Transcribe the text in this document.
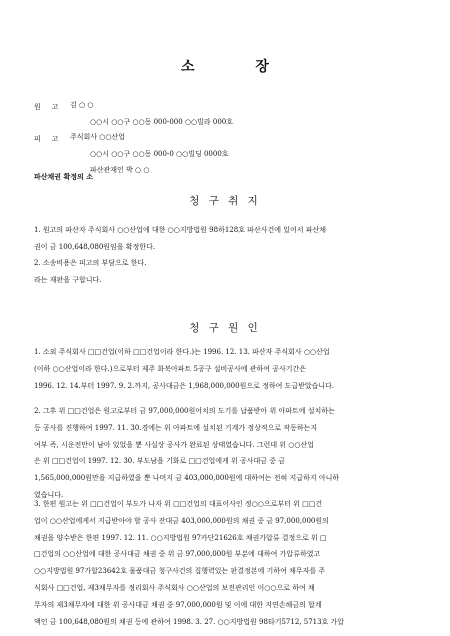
소 장
원고 김 ○ ○
○○시 ○○구 ○○동 000-000 ○○빌라 000호
피고 주식회사 ○○산업
○○시 ○○구 ○○동 000-0 ○○빌딩 0000호
파산관재인 박 ○ ○
파산채권 확정의 소
청 구 취 지

1. 원고의 파산자 주식회사 ○○산업에 대한 ○○지방법원 98하128호 파산사건에 있어서 파산채

권이 금 100,648,080원임을 확정한다.

2. 소송비용은 피고의 부담으로 한다.

라는 재판을 구합니다.

청 구 원 인

1. 소외 주식회사 □□건업(이하 □□건업이라 한다.)는 1996. 12. 13. 파산자 주식회사 ○○산업

(이하 ○○산업이라 한다.)으로부터 제주 화북아파트 5공구 설비공사에 관하여 공사기간은

1996. 12. 14.부터 1997. 9. 2.까지, 공사대금은 1,968,000,000원으로 정하여 도급받았습니다.

2. 그후 위 □□건업은 원고로부터 금 97,000,000원어치의 도기를 납품받아 위 아파트에 설치하는

등 공사를 진행하여 1997. 11. 30.경에는 위 아파트에 설치된 기계가 정상적으로 작동하는지

여부 즉, 시운전만이 남아 있었을 뿐 사실상 공사가 완료된 상태였습니다. 그런데 위 ○○산업

은 위 □□건업이 1997. 12. 30. 부도남을 기화로 □□건업에게 위 공사대금 중 금

1,565,000,000원만을 지급하였을 뿐 나머지 금 403,000,000원에 대하여는 전혀 지급하지 아니하

였습니다.

3. 한편 원고는 위 □□건업이 부도가 나자 위 □□건업의 대표이사인 정○○으로부터 위 □□건

업이 ○○산업에게서 지급받아야 할 공사 잔대금 403,000,000원의 채권 중 금 97,000,000원의

채권을 양수받은 한편 1997. 12. 11. ○○지방법원 97카단21626호 채권가압류 결정으로 위 □

□건업의 ○○산업에 대한 공사대금 채권 중 위 금 97,000,000원 부분에 대하여 가압류하였고

○○지방법원 97가합23642호 물품대금 청구사건의 집행력있는 판결정본에 기하여 채무자를 주

식회사 □□건업, 제3채무자를 정리회사 주식회사 ○○산업의 보전관리인 이○○으로 하여 채

무자의 제3채무자에 대한 위 공사대금 채권 중 97,000,000원 및 이에 대한 지연손해금의 합계

액인 금 100,648,080원의 채권 등에 관하여 1998. 3. 27. ○○지방법원 98타기5712, 5713호 가압
